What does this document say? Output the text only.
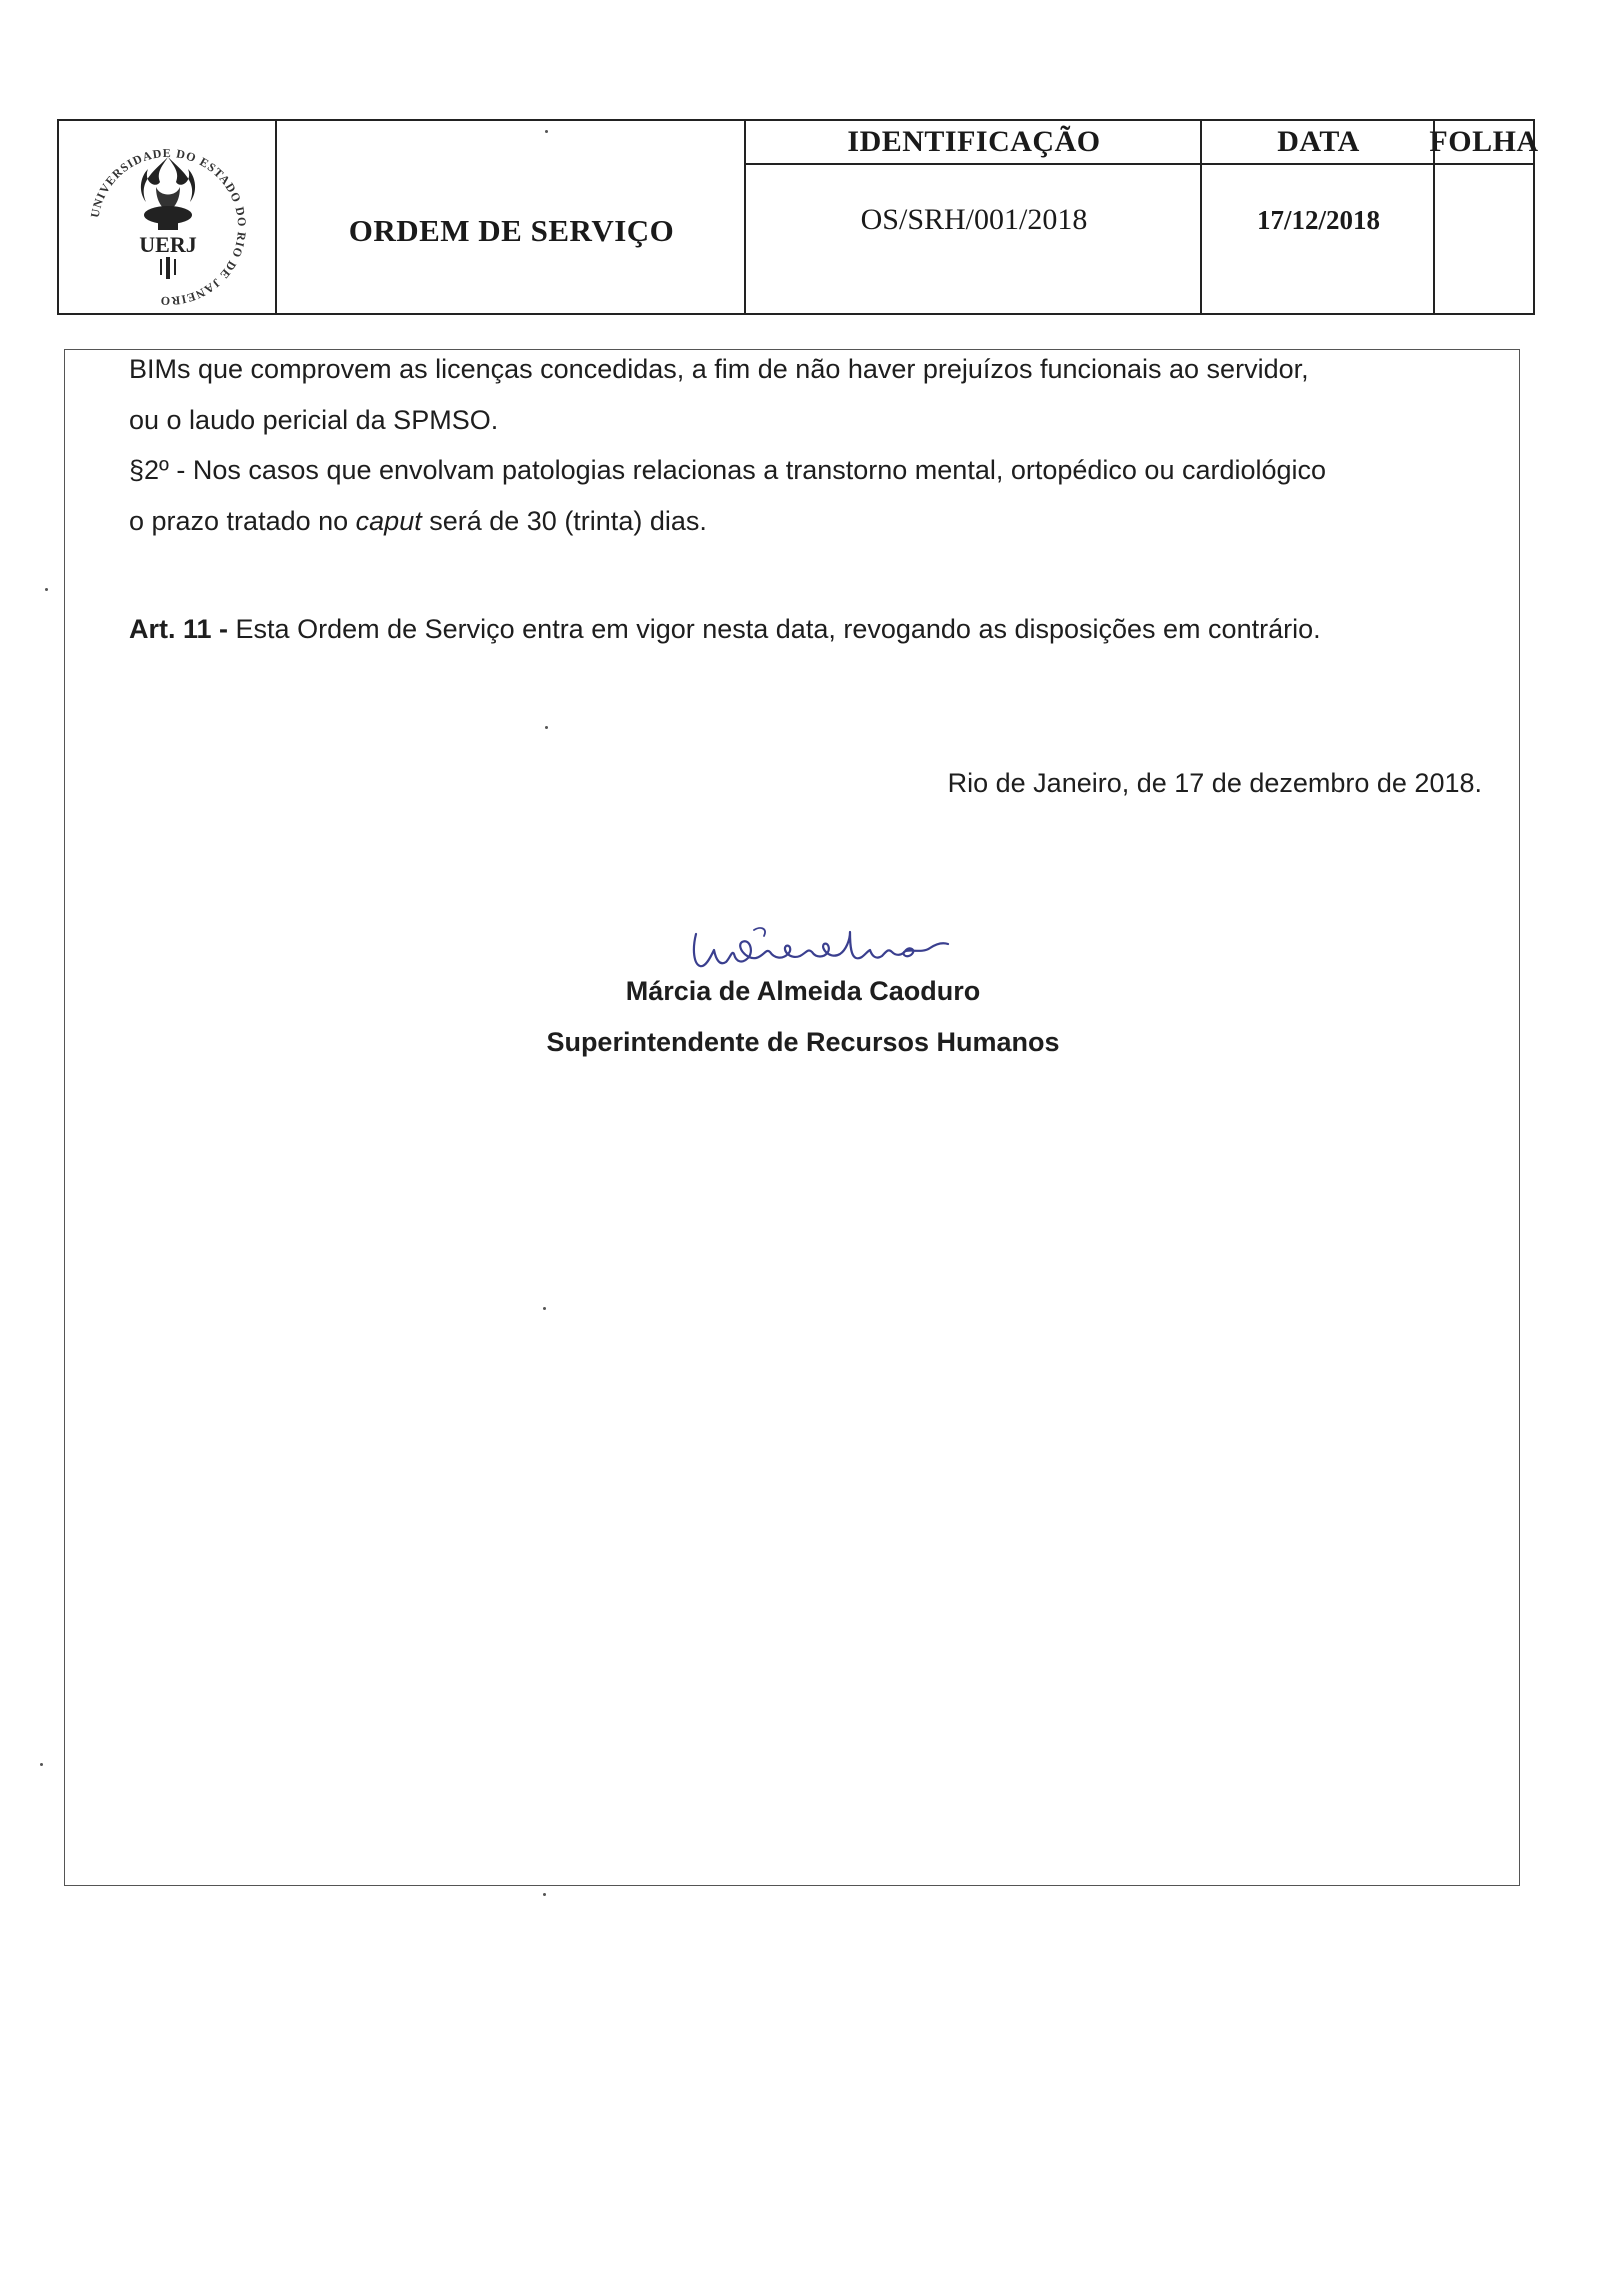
UERJ
UNIVERSIDADE DO ESTADO DO RIO DE JANEIRO
ORDEM DE SERVIÇO
IDENTIFICAÇÃO	DATA	FOLHA
OS/SRH/001/2018	17/12/2018
BIMs que comprovem as licenças concedidas, a fim de não haver prejuízos funcionais ao servidor,
ou o laudo pericial da SPMSO.
§2º - Nos casos que envolvam patologias relacionas a transtorno mental, ortopédico ou cardiológico
o prazo tratado no caput será de 30 (trinta) dias.
Art. 11 - Esta Ordem de Serviço entra em vigor nesta data, revogando as disposições em contrário.
Rio de Janeiro, de 17 de dezembro de 2018.
Márcia de Almeida Caoduro
Superintendente de Recursos Humanos
